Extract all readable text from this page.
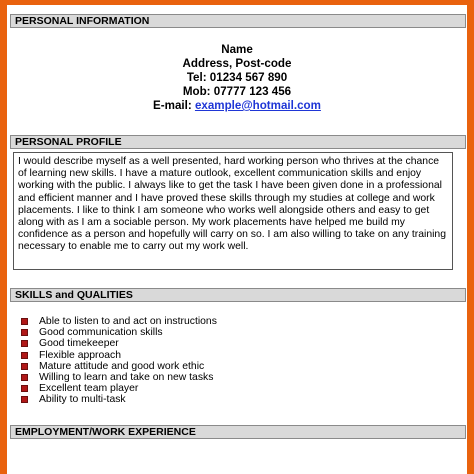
PERSONAL INFORMATION
Name
Address, Post-code
Tel: 01234 567 890
Mob: 07777 123 456
E-mail: example@hotmail.com
PERSONAL PROFILE
I would describe myself as a well presented, hard working person who thrives at the chance of learning new skills. I have a mature outlook, excellent communication skills and enjoy working with the public. I always like to get the task I have been given done in a professional and efficient manner and I have proved these skills through my studies at college and work placements. I like to think I am someone who works well alongside others and easy to get along with as I am a sociable person. My work placements have helped me build my confidence as a person and hopefully will carry on so. I am also willing to take on any training necessary to enable me to carry out my work well.
SKILLS and QUALITIES
Able to listen to and act on instructions
Good communication skills
Good timekeeper
Flexible approach
Mature attitude and good work ethic
Willing to learn and take on new tasks
Excellent team player
Ability to multi-task
EMPLOYMENT/WORK EXPERIENCE
